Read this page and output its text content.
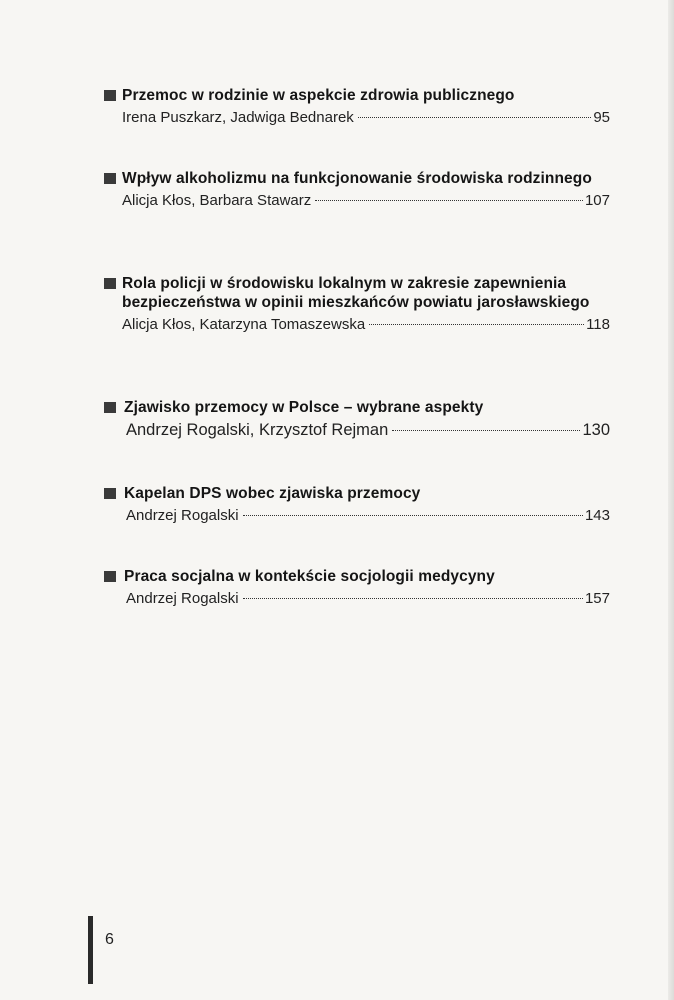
Przemoc w rodzinie w aspekcie zdrowia publicznego
Irena Puszkarz, Jadwiga Bednarek	95
Wpływ alkoholizmu na funkcjonowanie środowiska rodzinnego
Alicja Kłos, Barbara Stawarz	107
Rola policji w środowisku lokalnym w zakresie zapewnienia bezpieczeństwa w opinii mieszkańców powiatu jarosławskiego
Alicja Kłos, Katarzyna Tomaszewska	118
Zjawisko przemocy w Polsce – wybrane aspekty
Andrzej Rogalski, Krzysztof Rejman	130
Kapelan DPS wobec zjawiska przemocy
Andrzej Rogalski	143
Praca socjalna w kontekście socjologii medycyny
Andrzej Rogalski	157
6
